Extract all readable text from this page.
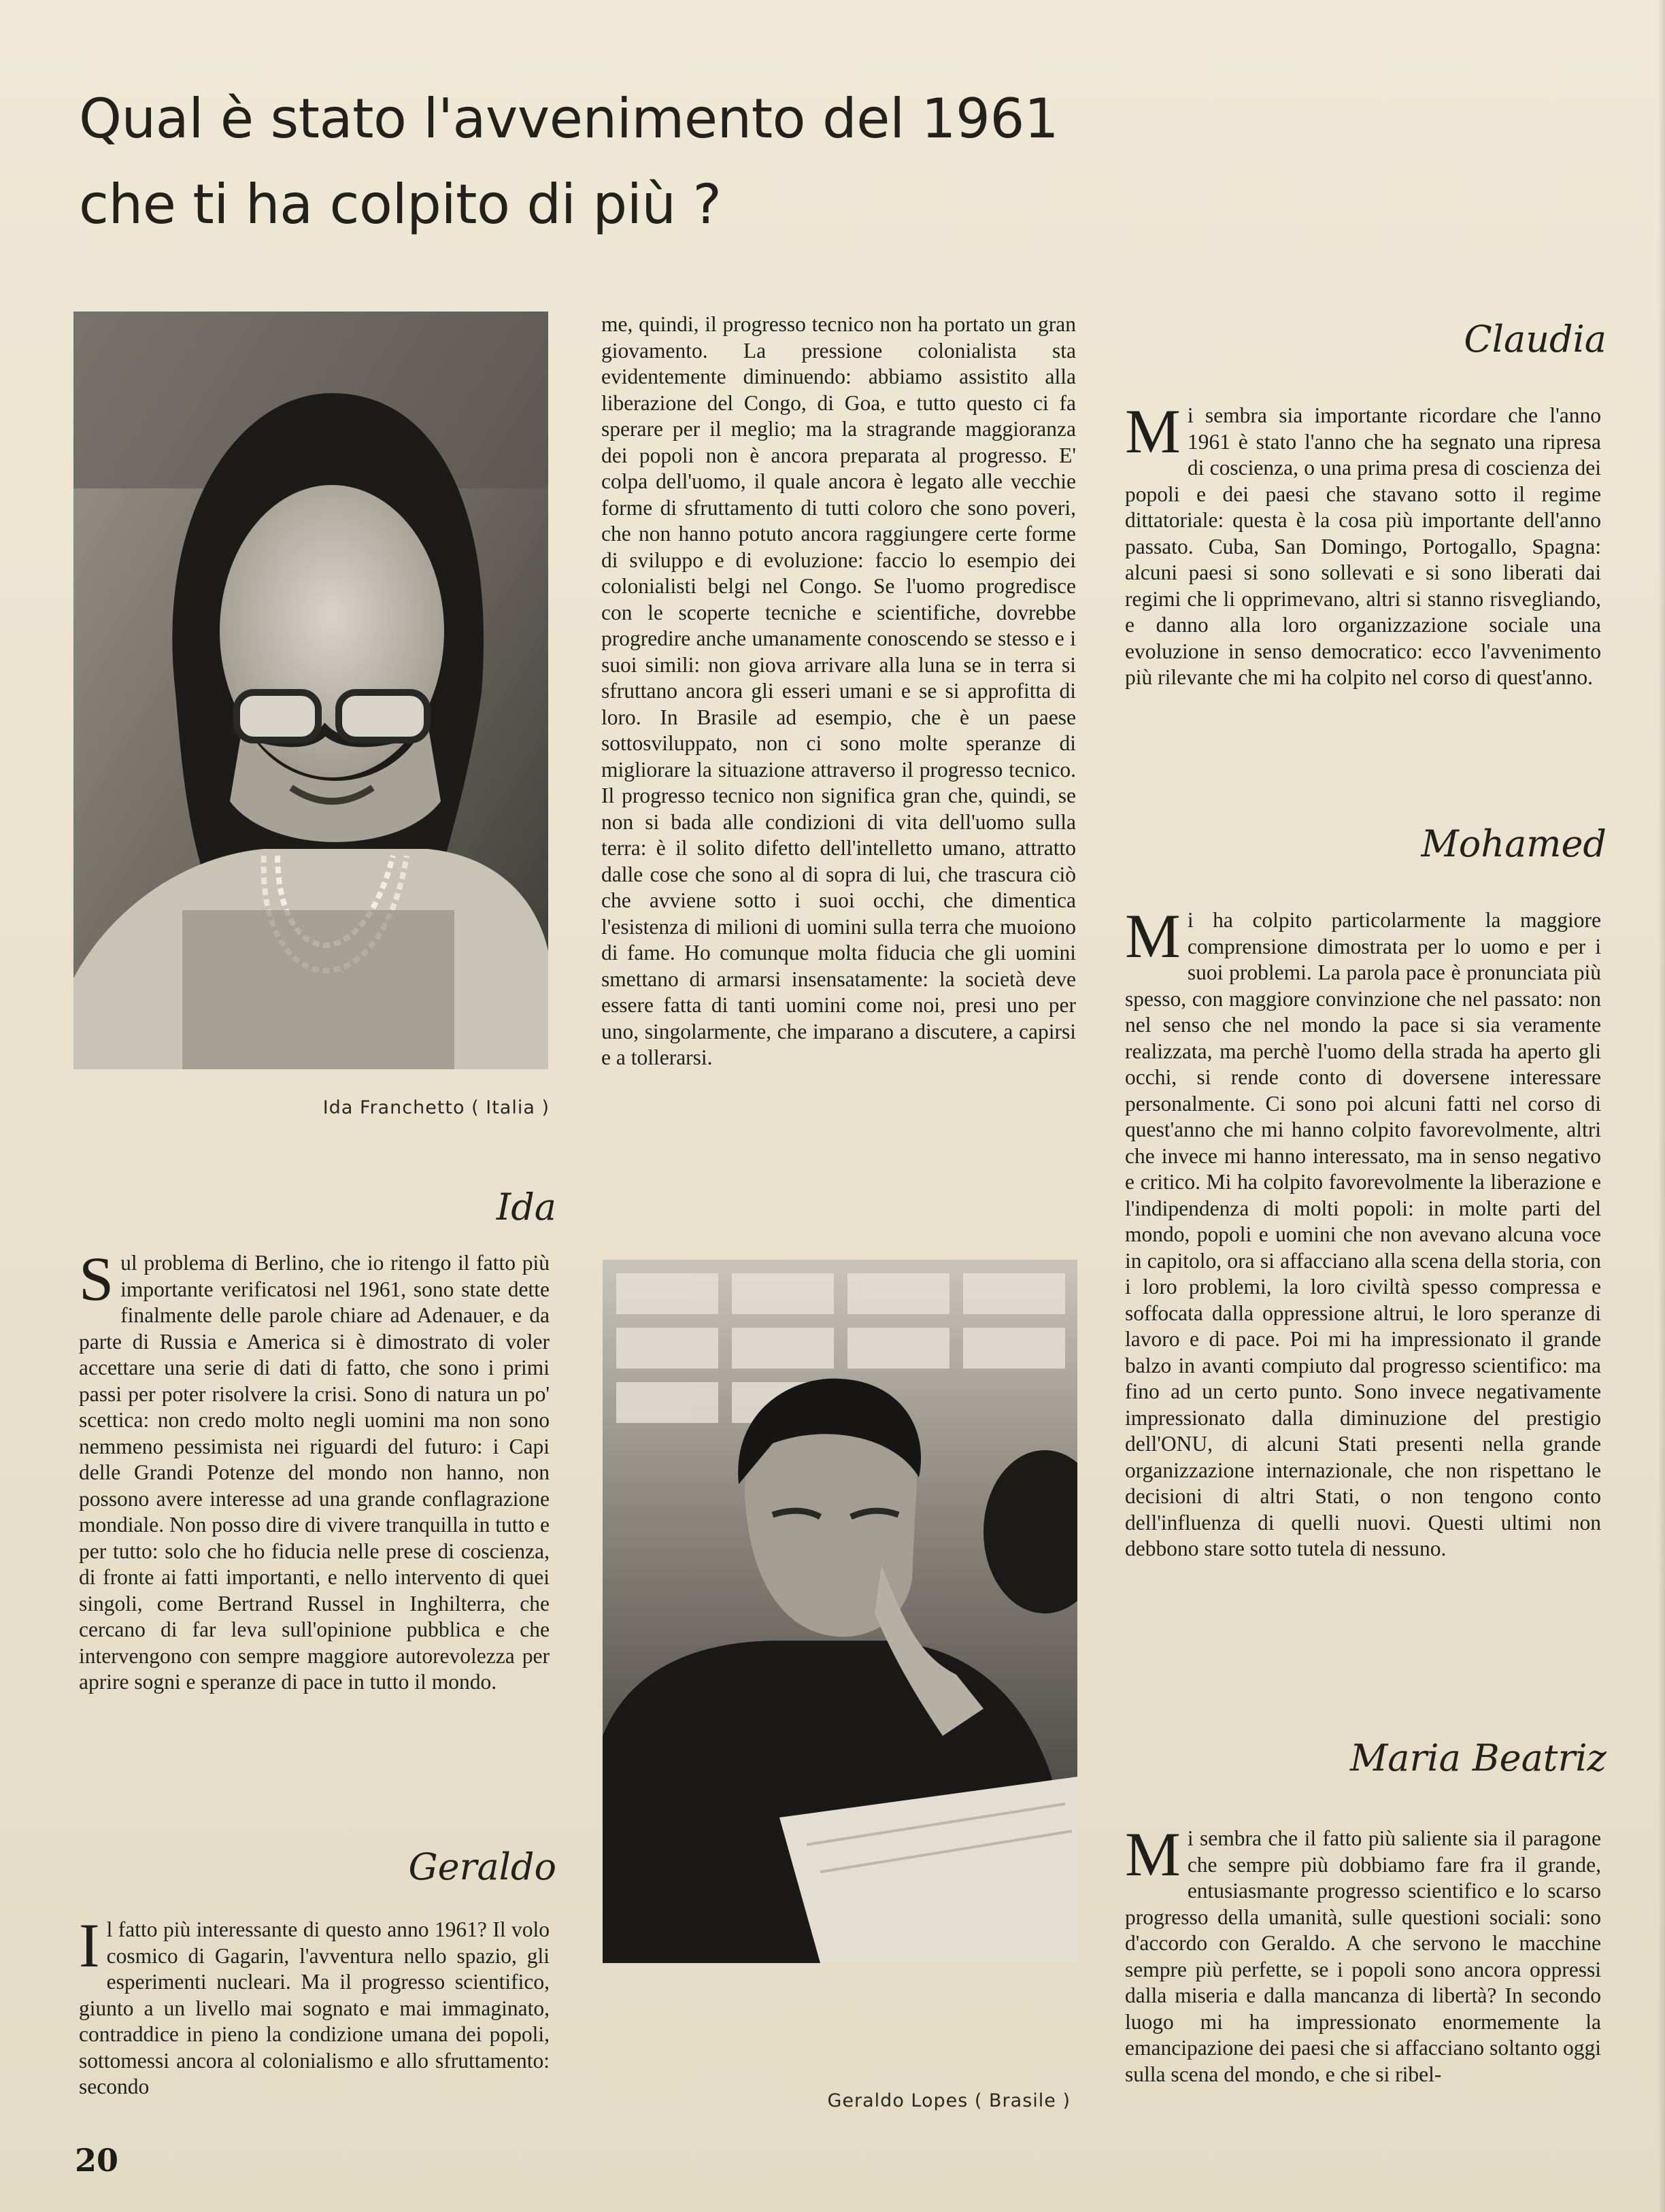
Qual è stato l'avvenimento del 1961
che ti ha colpito di più ?
Ida Franchetto ( Italia )
Ida
S ul problema di Berlino, che io ritengo il fatto più importante verificatosi nel 1961, sono state dette finalmente delle parole chiare ad Adenauer, e da parte di Russia e America si è dimostrato di voler accettare una serie di dati di fatto, che sono i primi passi per poter risolvere la crisi. Sono di natura un po' scettica: non credo molto negli uomini ma non sono nemmeno pessimista nei riguardi del futuro: i Capi delle Grandi Potenze del mondo non hanno, non possono avere interesse ad una grande conflagrazione mondiale. Non posso dire di vivere tranquilla in tutto e per tutto: solo che ho fiducia nelle prese di coscienza, di fronte ai fatti importanti, e nello intervento di quei singoli, come Bertrand Russel in Inghilterra, che cercano di far leva sull'opinione pubblica e che intervengono con sempre maggiore autorevolezza per aprire sogni e speranze di pace in tutto il mondo.
Geraldo
I l fatto più interessante di questo anno 1961? Il volo cosmico di Gagarin, l'avventura nello spazio, gli esperimenti nucleari. Ma il progresso scientifico, giunto a un livello mai sognato e mai immaginato, contraddice in pieno la condizione umana dei popoli, sottomessi ancora al colonialismo e allo sfruttamento: secondo
me, quindi, il progresso tecnico non ha portato un gran giovamento. La pressione colonialista sta evidentemente diminuendo: abbiamo assistito alla liberazione del Congo, di Goa, e tutto questo ci fa sperare per il meglio; ma la stragrande maggioranza dei popoli non è ancora preparata al progresso. E' colpa dell'uomo, il quale ancora è legato alle vecchie forme di sfruttamento di tutti coloro che sono poveri, che non hanno potuto ancora raggiungere certe forme di sviluppo e di evoluzione: faccio lo esempio dei colonialisti belgi nel Congo. Se l'uomo progredisce con le scoperte tecniche e scientifiche, dovrebbe progredire anche umanamente conoscendo se stesso e i suoi simili: non giova arrivare alla luna se in terra si sfruttano ancora gli esseri umani e se si approfitta di loro. In Brasile ad esempio, che è un paese sottosviluppato, non ci sono molte speranze di migliorare la situazione attraverso il progresso tecnico. Il progresso tecnico non significa gran che, quindi, se non si bada alle condizioni di vita dell'uomo sulla terra: è il solito difetto dell'intelletto umano, attratto dalle cose che sono al di sopra di lui, che trascura ciò che avviene sotto i suoi occhi, che dimentica l'esistenza di milioni di uomini sulla terra che muoiono di fame. Ho comunque molta fiducia che gli uomini smettano di armarsi insensatamente: la società deve essere fatta di tanti uomini come noi, presi uno per uno, singolarmente, che imparano a discutere, a capirsi e a tollerarsi.
Geraldo Lopes ( Brasile )
Claudia
M i sembra sia importante ricordare che l'anno 1961 è stato l'anno che ha segnato una ripresa di coscienza, o una prima presa di coscienza dei popoli e dei paesi che stavano sotto il regime dittatoriale: questa è la cosa più importante dell'anno passato. Cuba, San Domingo, Portogallo, Spagna: alcuni paesi si sono sollevati e si sono liberati dai regimi che li opprimevano, altri si stanno risvegliando, e danno alla loro organizzazione sociale una evoluzione in senso democratico: ecco l'avvenimento più rilevante che mi ha colpito nel corso di quest'anno.
Mohamed
M i ha colpito particolarmente la maggiore comprensione dimostrata per lo uomo e per i suoi problemi. La parola pace è pronunciata più spesso, con maggiore convinzione che nel passato: non nel senso che nel mondo la pace si sia veramente realizzata, ma perchè l'uomo della strada ha aperto gli occhi, si rende conto di doversene interessare personalmente. Ci sono poi alcuni fatti nel corso di quest'anno che mi hanno colpito favorevolmente, altri che invece mi hanno interessato, ma in senso negativo e critico. Mi ha colpito favorevolmente la liberazione e l'indipendenza di molti popoli: in molte parti del mondo, popoli e uomini che non avevano alcuna voce in capitolo, ora si affacciano alla scena della storia, con i loro problemi, la loro civiltà spesso compressa e soffocata dalla oppressione altrui, le loro speranze di lavoro e di pace. Poi mi ha impressionato il grande balzo in avanti compiuto dal progresso scientifico: ma fino ad un certo punto. Sono invece negativamente impressionato dalla diminuzione del prestigio dell'ONU, di alcuni Stati presenti nella grande organizzazione internazionale, che non rispettano le decisioni di altri Stati, o non tengono conto dell'influenza di quelli nuovi. Questi ultimi non debbono stare sotto tutela di nessuno.
Maria Beatriz
M i sembra che il fatto più saliente sia il paragone che sempre più dobbiamo fare fra il grande, entusiasmante progresso scientifico e lo scarso progresso della umanità, sulle questioni sociali: sono d'accordo con Geraldo. A che servono le macchine sempre più perfette, se i popoli sono ancora oppressi dalla miseria e dalla mancanza di libertà? In secondo luogo mi ha impressionato enormemente la emancipazione dei paesi che si affacciano soltanto oggi sulla scena del mondo, e che si ribel-
20
